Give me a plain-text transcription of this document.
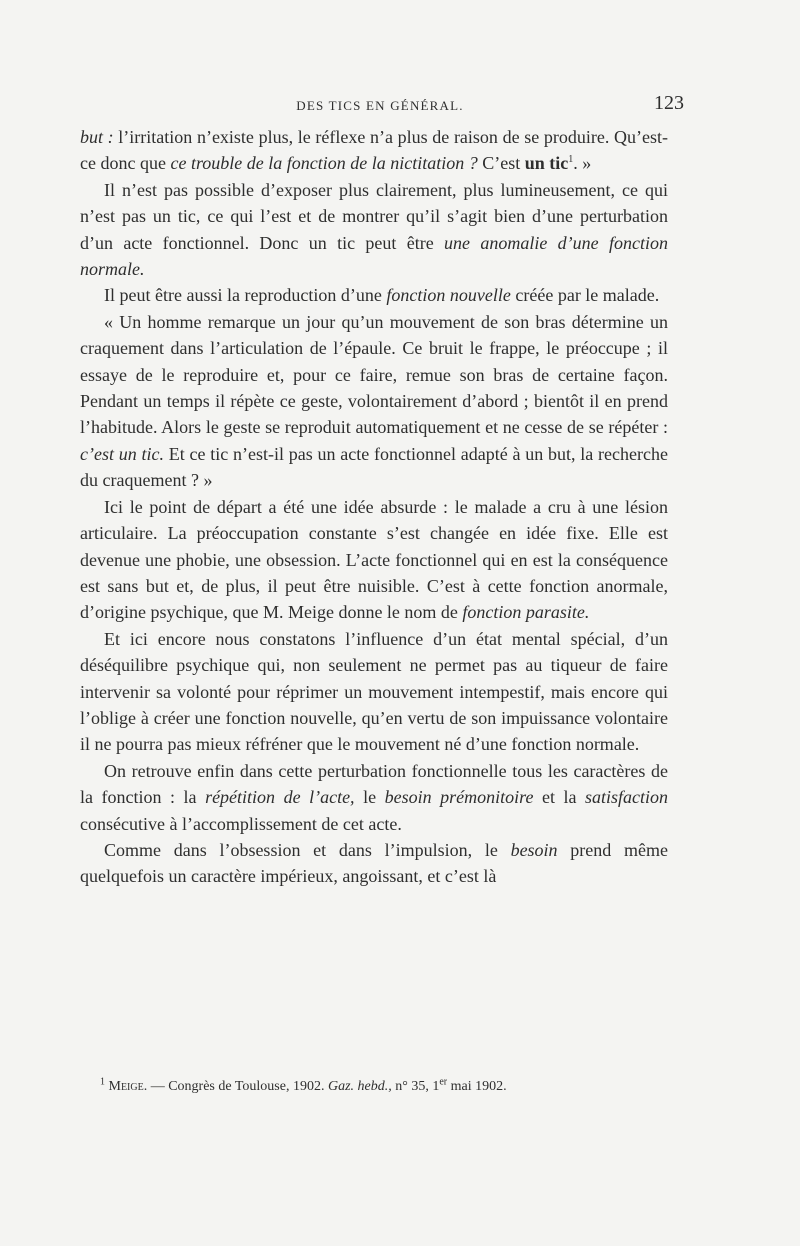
DES TICS EN GÉNÉRAL.	123

but : l’irritation n’existe plus, le réflexe n’a plus de raison de se produire. Qu’est-ce donc que ce trouble de la fonction de la nictitation ? C’est un tic$^1$. »

Il n’est pas possible d’exposer plus clairement, plus lumineusement, ce qui n’est pas un tic, ce qui l’est et de montrer qu’il s’agit bien d’une perturbation d’un acte fonctionnel. Donc un tic peut être une anomalie d’une fonction normale.

Il peut être aussi la reproduction d’une fonction nouvelle créée par le malade.

« Un homme remarque un jour qu’un mouvement de son bras détermine un craquement dans l’articulation de l’épaule. Ce bruit le frappe, le préoccupe ; il essaye de le reproduire et, pour ce faire, remue son bras de certaine façon. Pendant un temps il répète ce geste, volontairement d’abord ; bientôt il en prend l’habitude. Alors le geste se reproduit automatiquement et ne cesse de se répéter : c’est un tic. Et ce tic n’est-il pas un acte fonctionnel adapté à un but, la recherche du craquement ? »

Ici le point de départ a été une idée absurde : le malade a cru à une lésion articulaire. La préoccupation constante s’est changée en idée fixe. Elle est devenue une phobie, une obsession. L’acte fonctionnel qui en est la conséquence est sans but et, de plus, il peut être nuisible. C’est à cette fonction anormale, d’origine psychique, que M. Meige donne le nom de fonction parasite.

Et ici encore nous constatons l’influence d’un état mental spécial, d’un déséquilibre psychique qui, non seulement ne permet pas au tiqueur de faire intervenir sa volonté pour réprimer un mouvement intempestif, mais encore qui l’oblige à créer une fonction nouvelle, qu’en vertu de son impuissance volontaire il ne pourra pas mieux réfréner que le mouvement né d’une fonction normale.

On retrouve enfin dans cette perturbation fonctionnelle tous les caractères de la fonction : la répétition de l’acte, le besoin prémonitoire et la satisfaction consécutive à l’accomplissement de cet acte.

Comme dans l’obsession et dans l’impulsion, le besoin prend même quelquefois un caractère impérieux, angoissant, et c’est là

$^1$ Meige. — Congrès de Toulouse, 1902. Gaz. hebd., n° 35, 1er mai 1902.
